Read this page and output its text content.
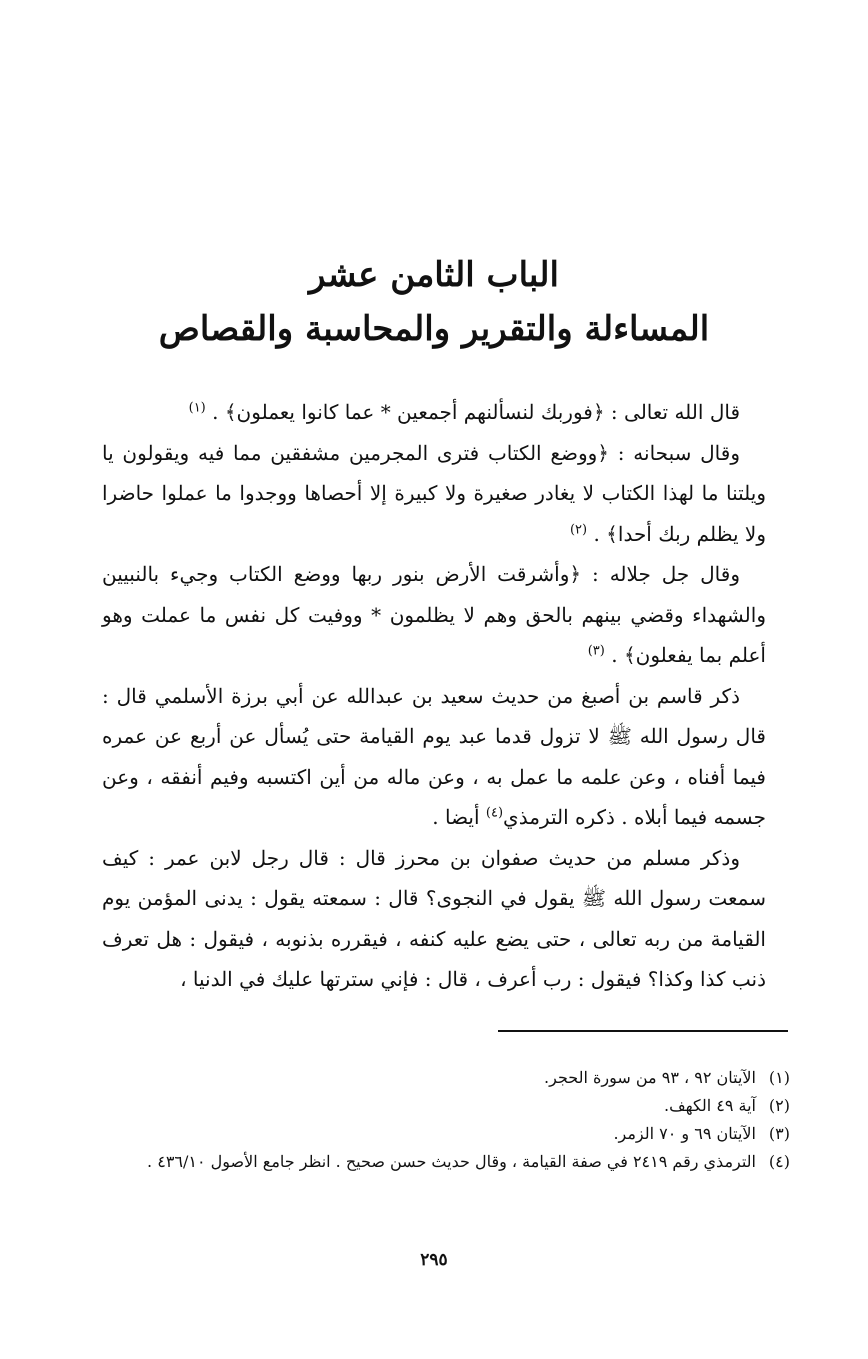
الباب الثامن عشر

المساءلة والتقرير والمحاسبة والقصاص

قال الله تعالى : ﴿فوربك لنسألنهم أجمعين * عما كانوا يعملون﴾ . $^{(١)}$

وقال سبحانه : ﴿ووضع الكتاب فترى المجرمين مشفقين مما فيه ويقولون يا ويلتنا ما لهذا الكتاب لا يغادر صغيرة ولا كبيرة إلا أحصاها ووجدوا ما عملوا حاضرا ولا يظلم ربك أحدا﴾ . $^{(٢)}$

وقال جل جلاله : ﴿وأشرقت الأرض بنور ربها ووضع الكتاب وجيء بالنبيين والشهداء وقضي بينهم بالحق وهم لا يظلمون * ووفيت كل نفس ما عملت وهو أعلم بما يفعلون﴾ . $^{(٣)}$

ذكر قاسم بن أصبغ من حديث سعيد بن عبدالله عن أبي برزة الأسلمي قال : قال رسول الله ﷺ لا تزول قدما عبد يوم القيامة حتى يُسأل عن أربع عن عمره فيما أفناه ، وعن علمه ما عمل به ، وعن ماله من أين اكتسبه وفيم أنفقه ، وعن جسمه فيما أبلاه . ذكره الترمذي$^{(٤)}$ أيضا .

وذكر مسلم من حديث صفوان بن محرز قال : قال رجل لابن عمر : كيف سمعت رسول الله ﷺ يقول في النجوى؟ قال : سمعته يقول : يدنى المؤمن يوم القيامة من ربه تعالى ، حتى يضع عليه كنفه ، فيقرره بذنوبه ، فيقول : هل تعرف ذنب كذا وكذا؟ فيقول : رب أعرف ، قال : فإني سترتها عليك في الدنيا ،

(١)
الآيتان ٩٢ ، ٩٣ من سورة الحجر.
(٢)
آية ٤٩ الكهف.
(٣)
الآيتان ٦٩ و ٧٠ الزمر.
(٤)
الترمذي رقم ٢٤١٩ في صفة القيامة ، وقال حديث حسن صحيح . انظر جامع الأصول ٤٣٦/١٠ .
٢٩٥
